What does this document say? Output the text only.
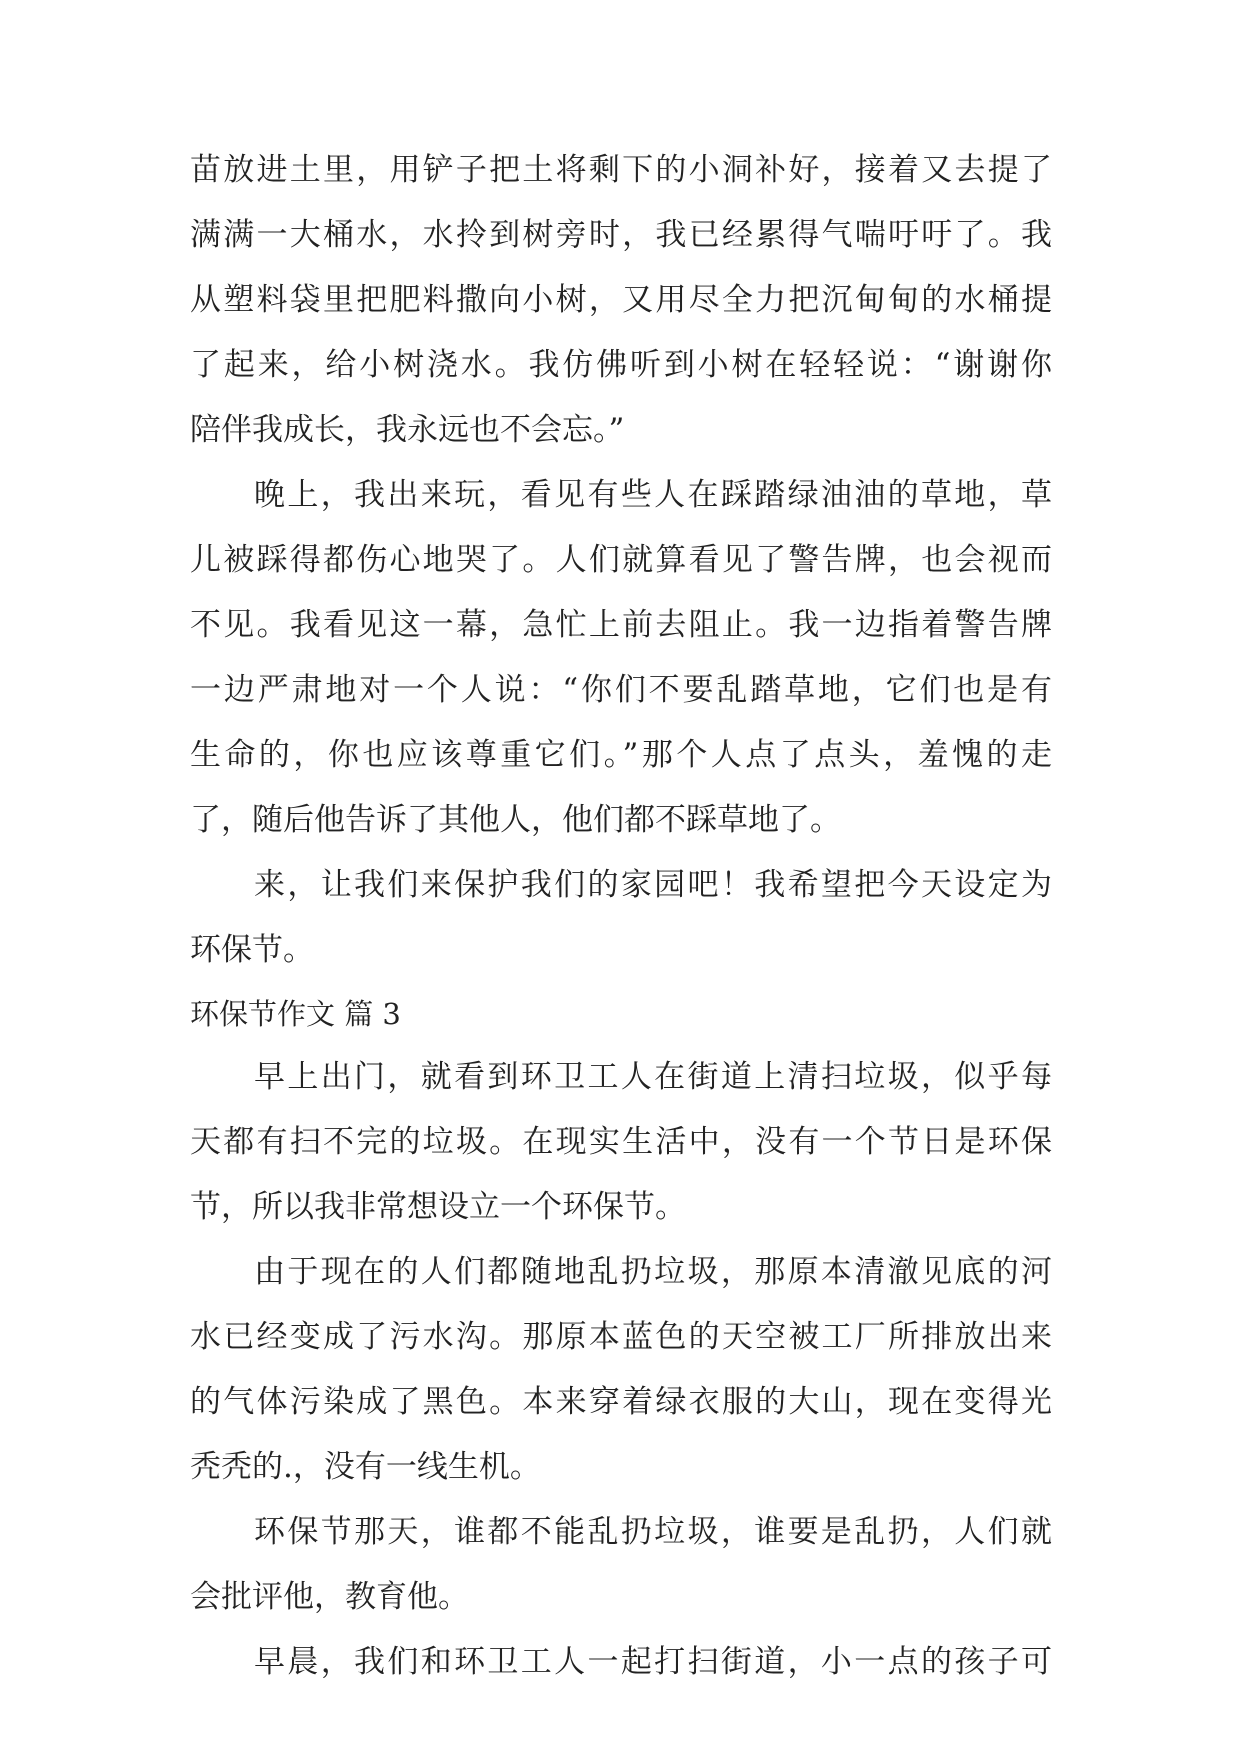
苗放进土里，用铲子把土将剩下的小洞补好，接着又去提了
满满一大桶水，水拎到树旁时，我已经累得气喘吁吁了。我
从塑料袋里把肥料撒向小树，又用尽全力把沉甸甸的水桶提
了起来，给小树浇水。我仿佛听到小树在轻轻说：“谢谢你
陪伴我成长，我永远也不会忘。”
晚上，我出来玩，看见有些人在踩踏绿油油的草地，草
儿被踩得都伤心地哭了。人们就算看见了警告牌，也会视而
不见。我看见这一幕，急忙上前去阻止。我一边指着警告牌
一边严肃地对一个人说：“你们不要乱踏草地，它们也是有
生命的，你也应该尊重它们。”那个人点了点头，羞愧的走
了，随后他告诉了其他人，他们都不踩草地了。
来，让我们来保护我们的家园吧！我希望把今天设定为
环保节。
环保节作文 篇 3
早上出门，就看到环卫工人在街道上清扫垃圾，似乎每
天都有扫不完的垃圾。在现实生活中，没有一个节日是环保
节，所以我非常想设立一个环保节。
由于现在的人们都随地乱扔垃圾，那原本清澈见底的河
水已经变成了污水沟。那原本蓝色的天空被工厂所排放出来
的气体污染成了黑色。本来穿着绿衣服的大山，现在变得光
秃秃的.，没有一线生机。
环保节那天，谁都不能乱扔垃圾，谁要是乱扔，人们就
会批评他，教育他。
早晨，我们和环卫工人一起打扫街道，小一点的孩子可
